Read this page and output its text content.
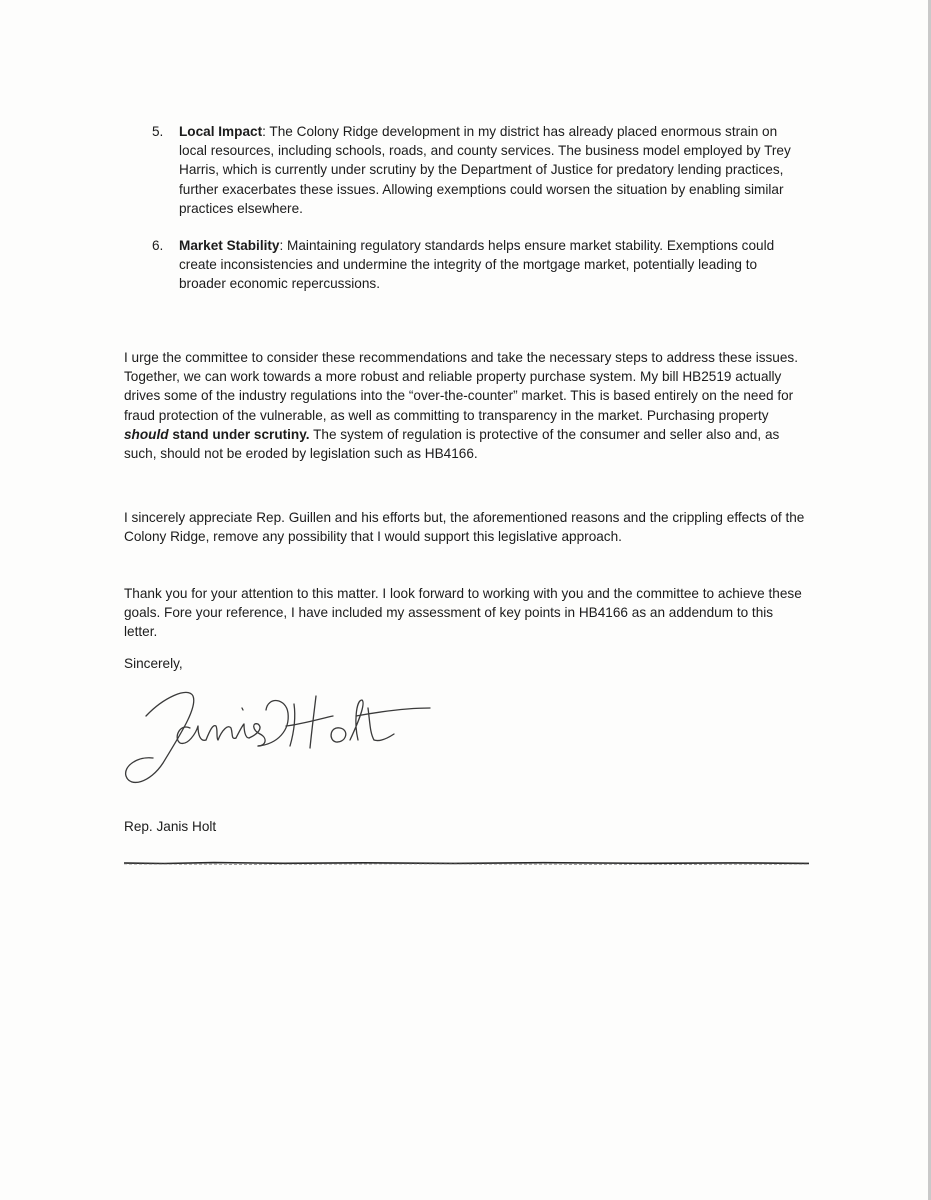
5. Local Impact: The Colony Ridge development in my district has already placed enormous strain on local resources, including schools, roads, and county services. The business model employed by Trey Harris, which is currently under scrutiny by the Department of Justice for predatory lending practices, further exacerbates these issues. Allowing exemptions could worsen the situation by enabling similar practices elsewhere.
6. Market Stability: Maintaining regulatory standards helps ensure market stability. Exemptions could create inconsistencies and undermine the integrity of the mortgage market, potentially leading to broader economic repercussions.

I urge the committee to consider these recommendations and take the necessary steps to address these issues. Together, we can work towards a more robust and reliable property purchase system. My bill HB2519 actually drives some of the industry regulations into the “over-the-counter” market. This is based entirely on the need for fraud protection of the vulnerable, as well as committing to transparency in the market. Purchasing property should stand under scrutiny. The system of regulation is protective of the consumer and seller also and, as such, should not be eroded by legislation such as HB4166.

I sincerely appreciate Rep. Guillen and his efforts but, the aforementioned reasons and the crippling effects of the Colony Ridge, remove any possibility that I would support this legislative approach.

Thank you for your attention to this matter. I look forward to working with you and the committee to achieve these goals. Fore your reference, I have included my assessment of key points in HB4166 as an addendum to this letter.

Sincerely,

Rep. Janis Holt
